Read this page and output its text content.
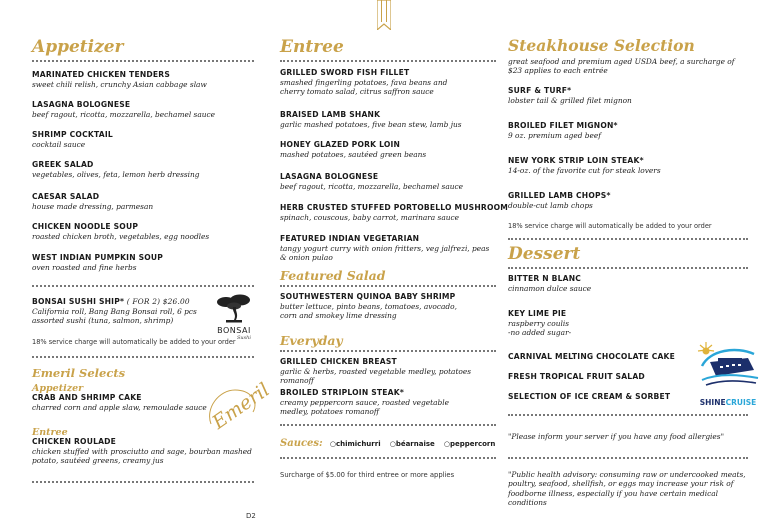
Appetizer
MARINATED CHICKEN TENDERS
sweet chili relish, crunchy Asian cabbage slaw
LASAGNA BOLOGNESE
beef ragout, ricotta, mozzarella, bechamel sauce
SHRIMP COCKTAIL
cocktail sauce
GREEK SALAD
vegetables, olives, feta, lemon herb dressing
CAESAR SALAD
house made dressing, parmesan
CHICKEN NOODLE SOUP
roasted chicken broth, vegetables, egg noodles
WEST INDIAN PUMPKIN SOUP
oven roasted and fine herbs
BONSAI SUSHI SHIP* ( FOR 2) $26.00
California roll, Bang Bang Bonsai roll, 6 pcs assorted sushi (tuna, salmon, shrimp)
18% service charge will automatically be added to your order
Emeril Selects
Appetizer
CRAB AND SHRIMP CAKE
charred corn and apple slaw, remoulade sauce
Entree
CHICKEN ROULADE
chicken stuffed with prosciutto and sage, bourban mashed potato, sautéed greens, creamy jus
BONSAI
Sushi
Emeril
Entree
GRILLED SWORD FISH FILLET
smashed fingerling potatoes, fava beans and cherry tomato salad, citrus saffron sauce
BRAISED LAMB SHANK
garlic mashed potatoes, five bean stew, lamb jus
HONEY GLAZED PORK LOIN
mashed potatoes, sautéed green beans
LASAGNA BOLOGNESE
beef ragout, ricotta, mozzarella, bechamel sauce
HERB CRUSTED STUFFED PORTOBELLO MUSHROOM
spinach, couscous, baby carrot, marinara sauce
FEATURED INDIAN VEGETARIAN
tangy yogurt curry with onion fritters, veg jalfrezi, peas & onion pulao
Featured Salad
SOUTHWESTERN QUINOA BABY SHRIMP
butter lettuce, pinto beans, tomatoes, avocado, corn and smokey lime dressing
Everyday
GRILLED CHICKEN BREAST
garlic & herbs, roasted vegetable medley, potatoes romanoff
BROILED STRIPLOIN STEAK*
creamy peppercorn sauce, roasted vegetable medley, potatoes romanoff
Sauces: ○chimichurri ○béarnaise ○peppercorn
Surcharge of $5.00 for third entree or more applies
Steakhouse Selection
great seafood and premium aged USDA beef, a surcharge of $23 applies to each entrée
SURF & TURF*
lobster tail & grilled filet mignon
BROILED FILET MIGNON*
9 oz. premium aged beef
NEW YORK STRIP LOIN STEAK*
14-oz. of the favorite cut for steak lovers
GRILLED LAMB CHOPS*
double-cut lamb chops
18% service charge will automatically be added to your order
Dessert
BITTER N BLANC
cinnamon dulce sauce
KEY LIME PIE
raspberry coulis
-no added sugar-
CARNIVAL MELTING CHOCOLATE CAKE
FRESH TROPICAL FRUIT SALAD
SELECTION OF ICE CREAM & SORBET
"Please inform your server if you have any food allergies"
"Public health advisory: consuming raw or undercooked meats, poultry, seafood, shellfish, or eggs may increase your risk of foodborne illness, especially if you have certain medical conditions
SHINECRUISE
D2
